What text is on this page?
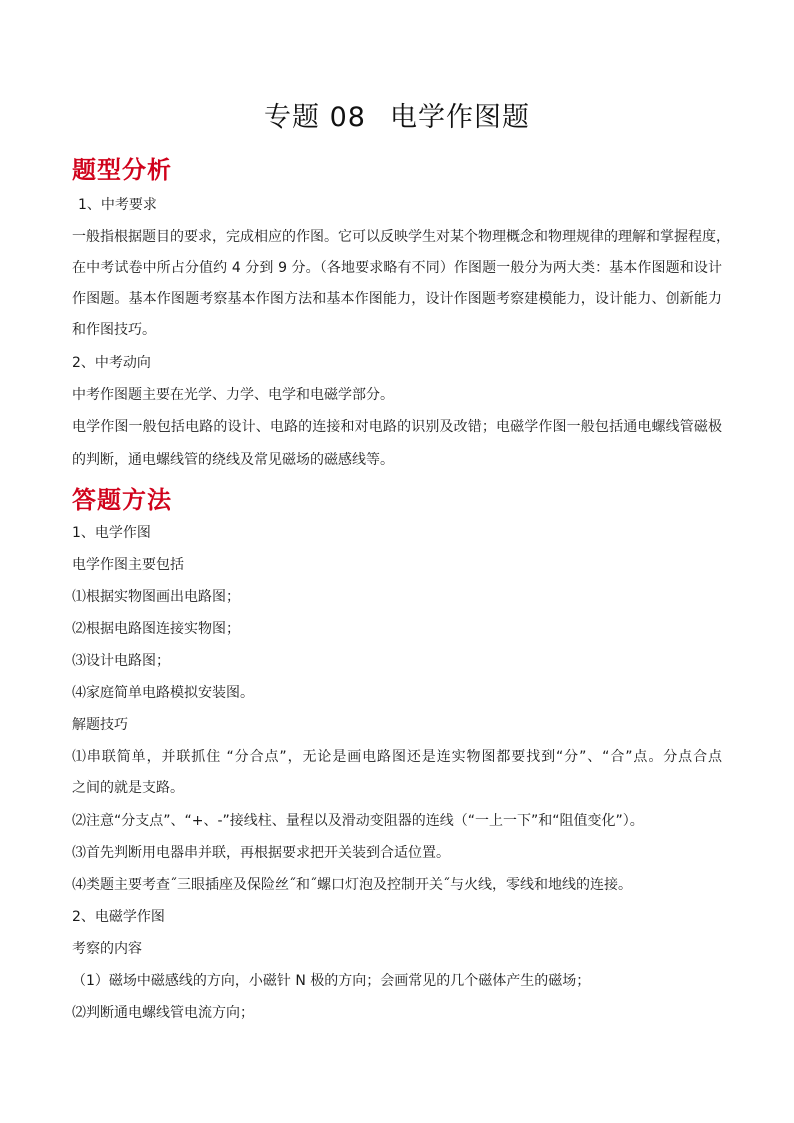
专题 08 电学作图题
题型分析
1、中考要求
一般指根据题目的要求，完成相应的作图。它可以反映学生对某个物理概念和物理规律的理解和掌握程度，
在中考试卷中所占分值约 4 分到 9 分。（各地要求略有不同）作图题一般分为两大类：基本作图题和设计
作图题。基本作图题考察基本作图方法和基本作图能力，设计作图题考察建模能力，设计能力、创新能力
和作图技巧。
2、中考动向
中考作图题主要在光学、力学、电学和电磁学部分。
电学作图一般包括电路的设计、电路的连接和对电路的识别及改错；电磁学作图一般包括通电螺线管磁极
的判断，通电螺线管的绕线及常见磁场的磁感线等。
答题方法
1、电学作图
电学作图主要包括
⑴根据实物图画出电路图；
⑵根据电路图连接实物图；
⑶设计电路图；
⑷家庭简单电路模拟安装图。
解题技巧
⑴串联简单，并联抓住 “分合点”，无论是画电路图还是连实物图都要找到“分”、“合”点。分点合点
之间的就是支路。
⑵注意“分支点”、“+、-”接线柱、量程以及滑动变阻器的连线（“一上一下”和“阻值变化”）。
⑶首先判断用电器串并联，再根据要求把开关装到合适位置。
⑷类题主要考查˝三眼插座及保险丝˝和˝螺口灯泡及控制开关˝与火线，零线和地线的连接。
2、电磁学作图
考察的内容
（1）磁场中磁感线的方向，小磁针 N 极的方向；会画常见的几个磁体产生的磁场；
⑵判断通电螺线管电流方向；
